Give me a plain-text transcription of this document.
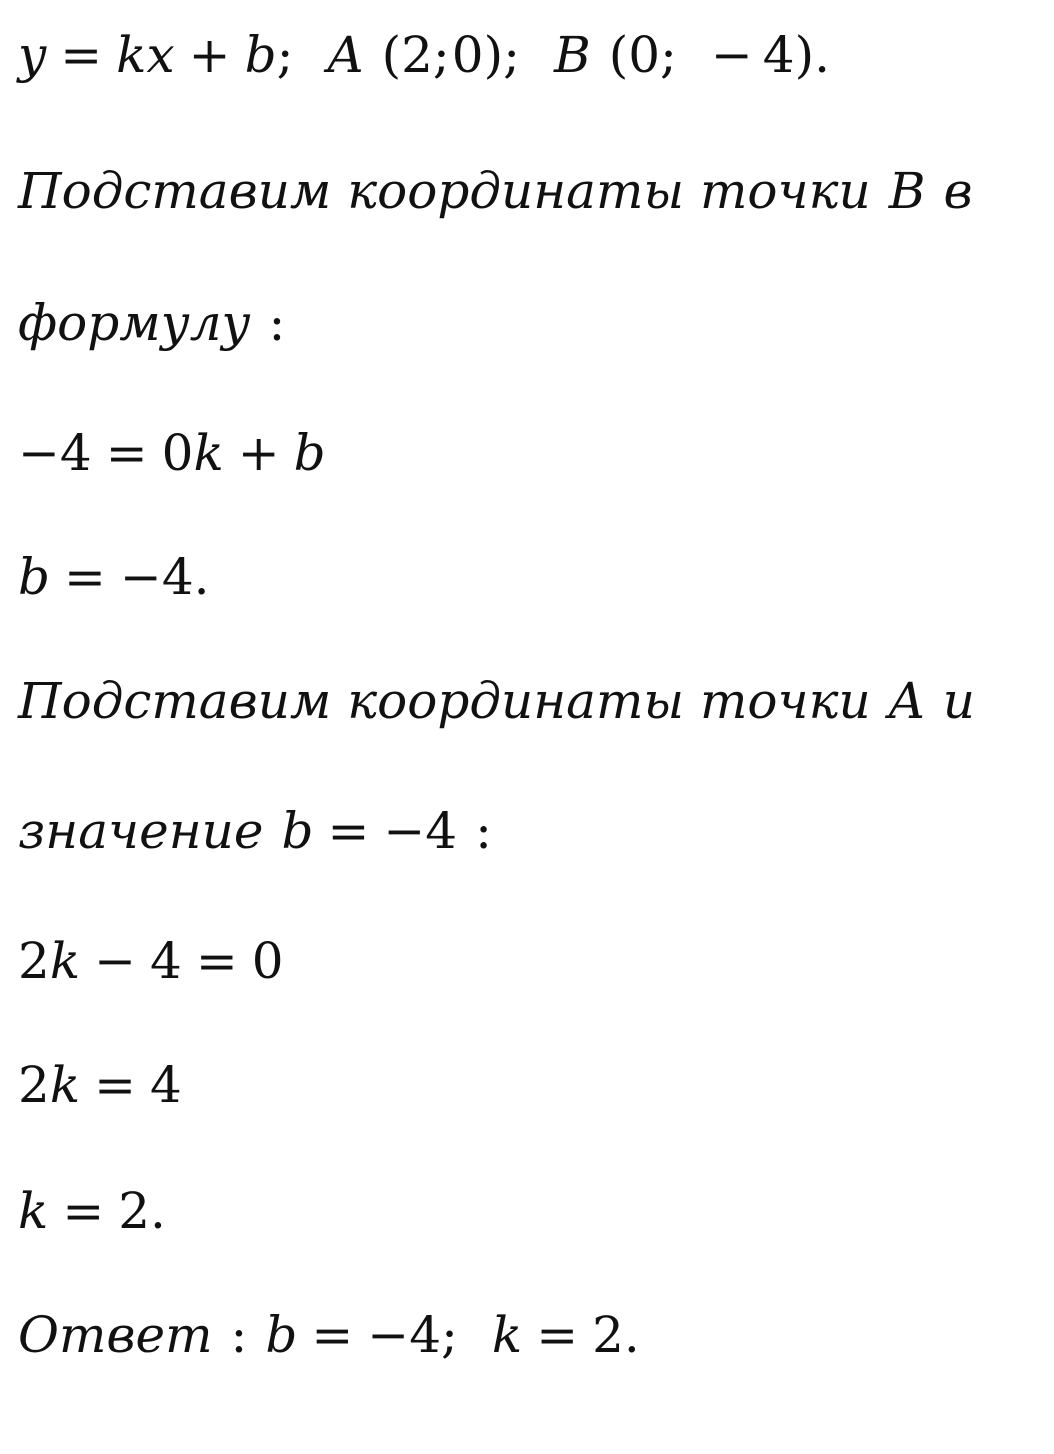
y = kx + b; A (2;0); B (0; − 4).
Подставим координаты точки B в
формулу :
−4 = 0k + b
b = −4.
Подставим координаты точки A и
значение b = −4 :
2k − 4 = 0
2k = 4
k = 2.
Ответ : b = −4; k = 2.
